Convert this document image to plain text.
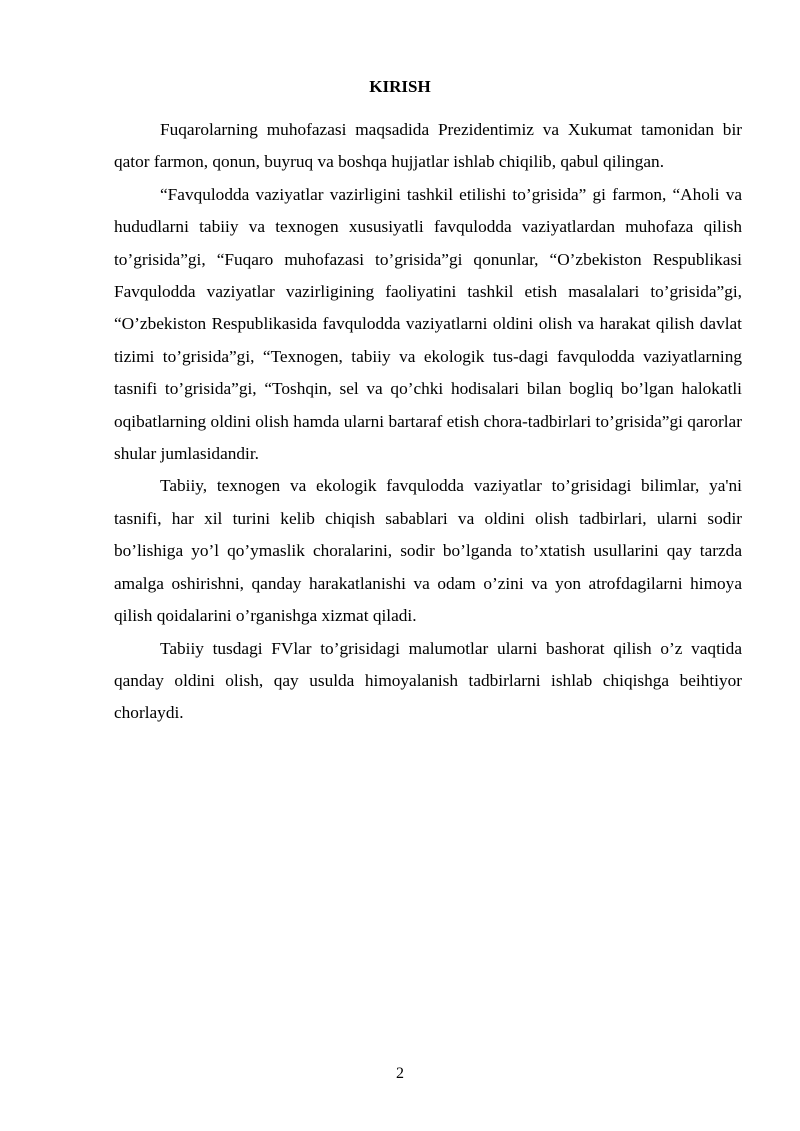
KIRISH

Fuqarolarning muhofazasi maqsadida Prezidentimiz va Xukumat tamonidan bir qator farmon, qonun, buyruq va boshqa hujjatlar ishlab chiqilib, qabul qilingan.

“Favqulodda vaziyatlar vazirligini tashkil etilishi to’grisida” gi farmon, “Aholi va hududlarni tabiiy va texnogen xususiyatli favqulodda vaziyatlardan muhofaza qilish to’grisida”gi, “Fuqaro muhofazasi to’grisida”gi qonunlar, “O’zbekiston Respublikasi Favqulodda vaziyatlar vazirligining faoliyatini tashkil etish masalalari to’grisida”gi, “O’zbekiston Respublikasida favqulodda vaziyatlarni oldini olish va harakat qilish davlat tizimi to’grisida”gi, “Texnogen, tabiiy va ekologik tus-dagi favqulodda vaziyatlarning tasnifi to’grisida”gi, “Toshqin, sel va qo’chki hodisalari bilan bogliq bo’lgan halokatli oqibatlarning oldini olish hamda ularni bartaraf etish chora-tadbirlari to’grisida”gi qarorlar shular jumlasidandir.

Tabiiy, texnogen va ekologik favqulodda vaziyatlar to’grisidagi bilimlar, ya'ni tasnifi, har xil turini kelib chiqish sabablari va oldini olish tadbirlari, ularni sodir bo’lishiga yo’l qo’ymaslik choralarini, sodir bo’lganda to’xtatish usullarini qay tarzda amalga oshirishni, qanday harakatlanishi va odam o’zini va yon atrofdagilarni himoya qilish qoidalarini o’rganishga xizmat qiladi.

Tabiiy tusdagi FVlar to’grisidagi malumotlar ularni bashorat qilish o’z vaqtida qanday oldini olish, qay usulda himoyalanish tadbirlarni ishlab chiqishga beihtiyor chorlaydi.

2
